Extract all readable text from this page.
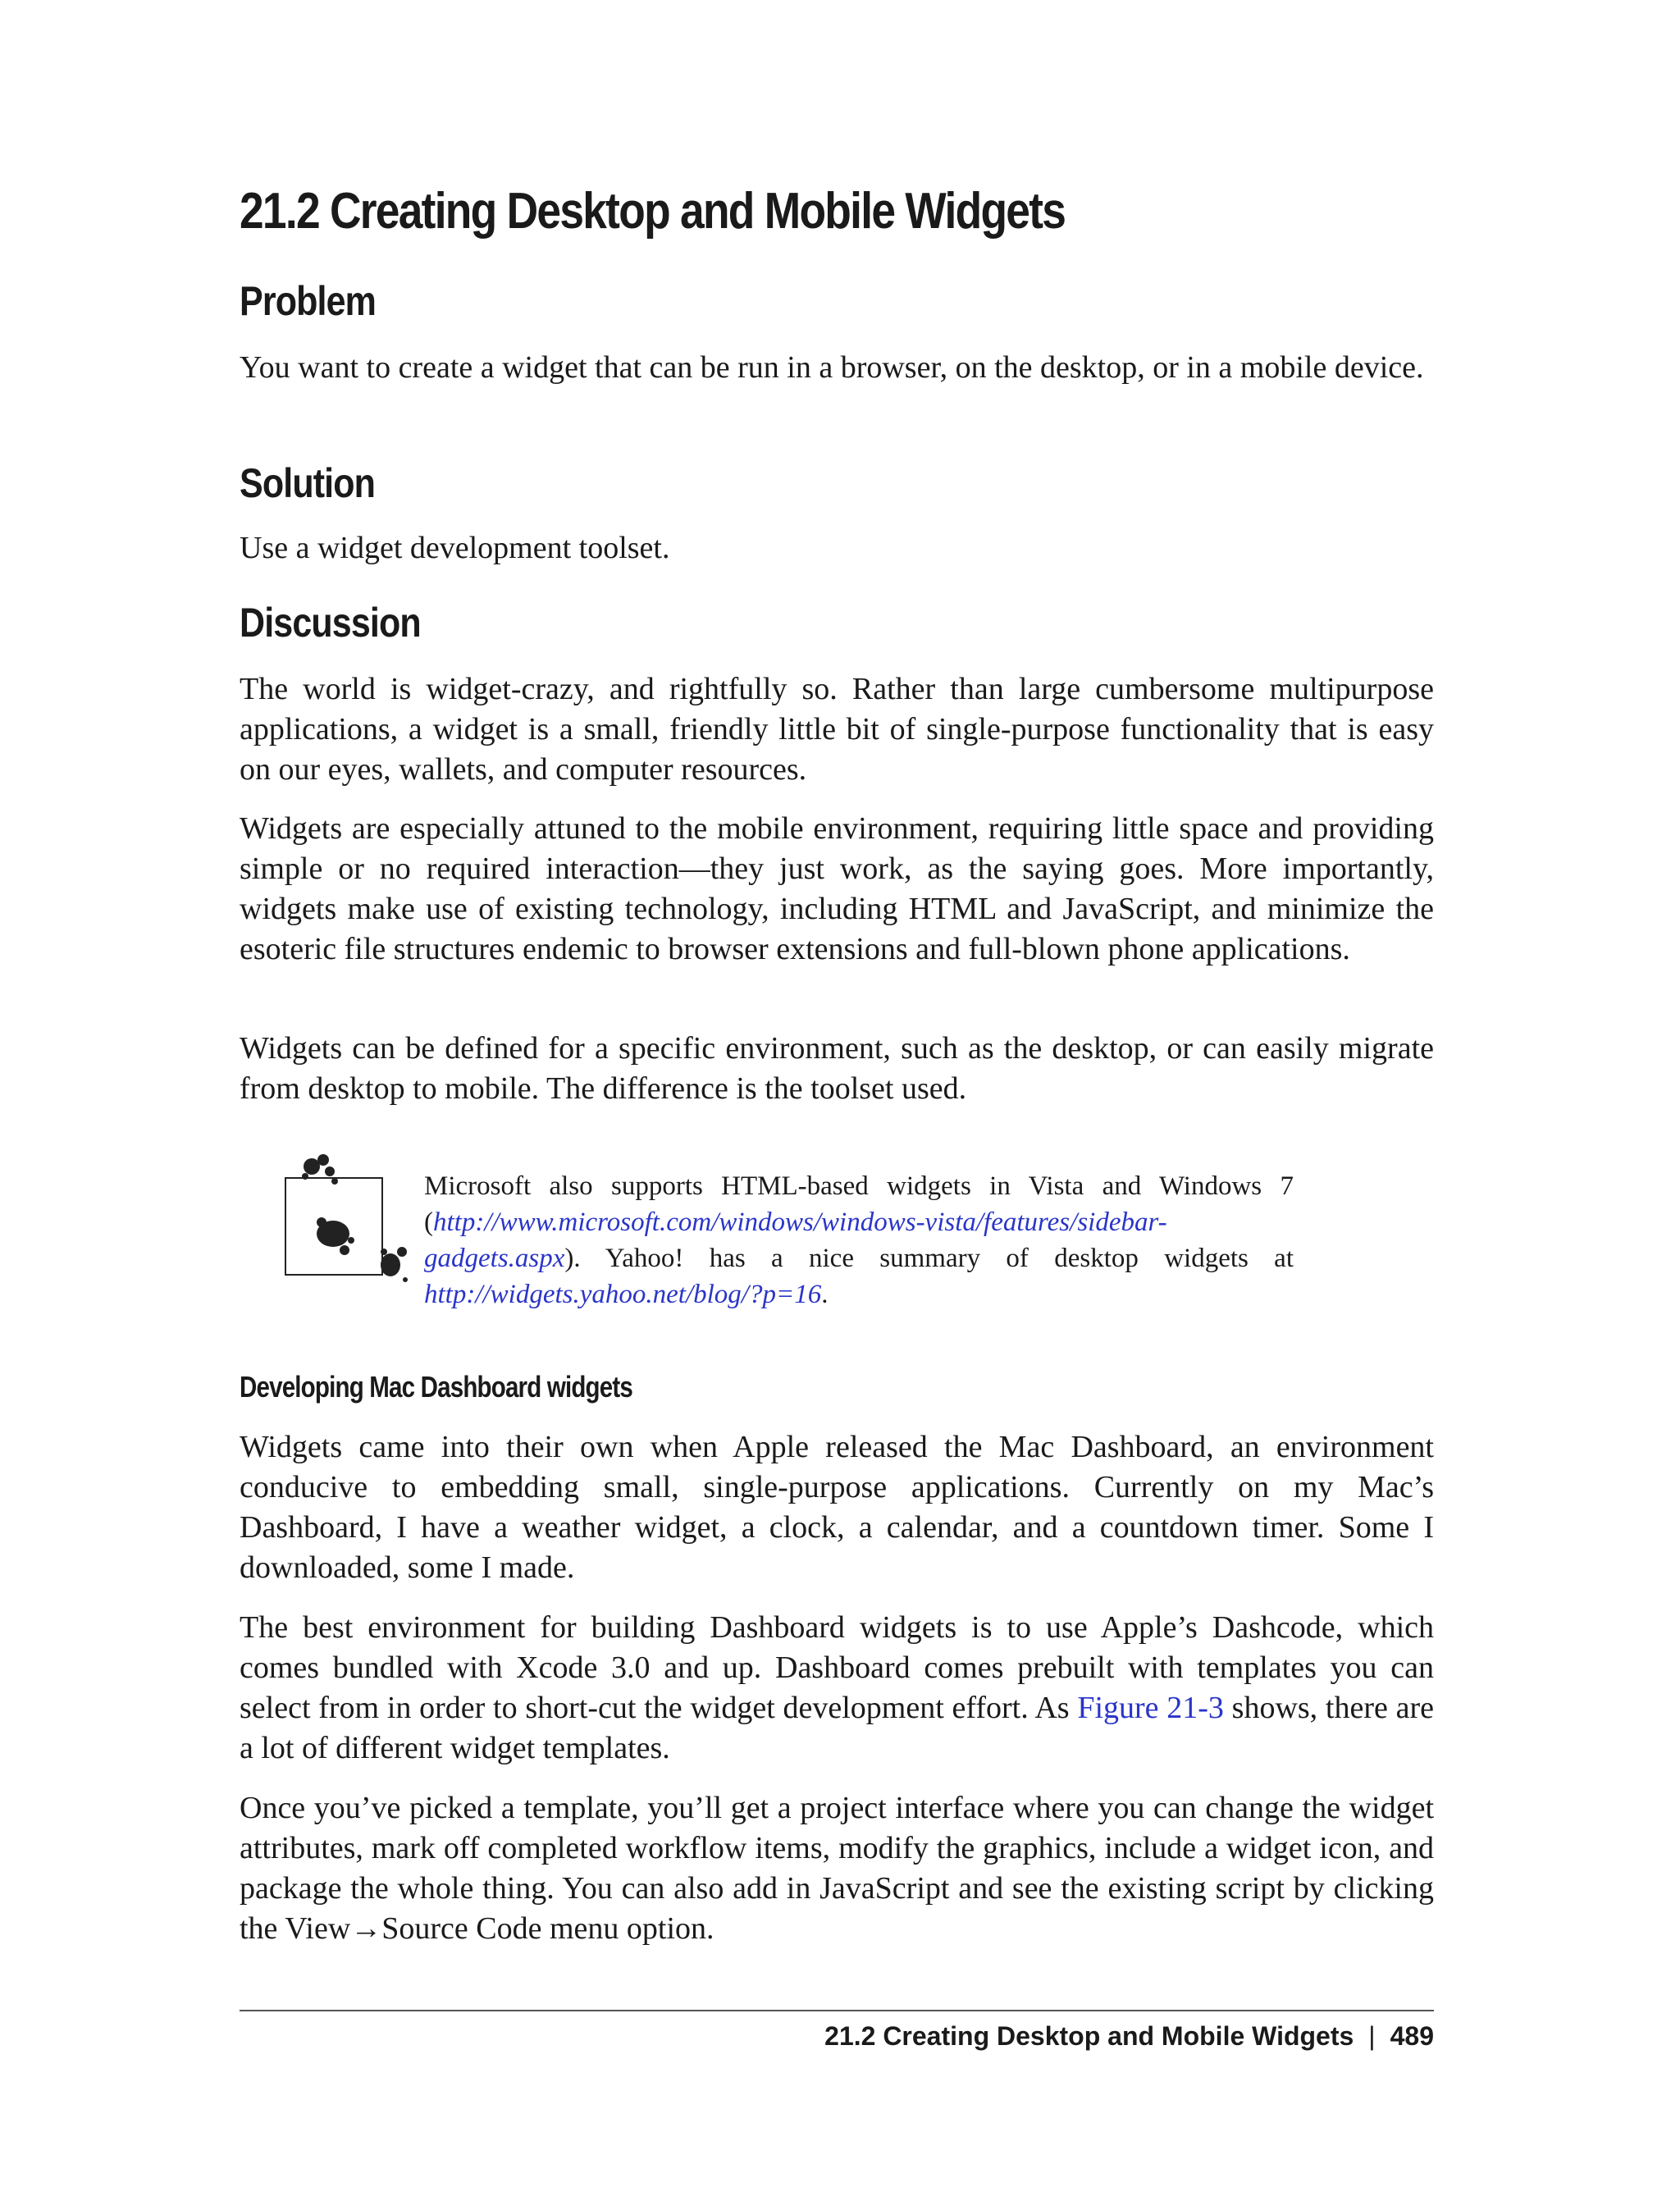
21.2 Creating Desktop and Mobile Widgets
Problem

You want to create a widget that can be run in a browser, on the desktop, or in a mobile device.

Solution

Use a widget development toolset.

Discussion

The world is widget-crazy, and rightfully so. Rather than large cumbersome multipurpose applications, a widget is a small, friendly little bit of single-purpose functionality that is easy on our eyes, wallets, and computer resources.

Widgets are especially attuned to the mobile environment, requiring little space and providing simple or no required interaction—they just work, as the saying goes. More importantly, widgets make use of existing technology, including HTML and JavaScript, and minimize the esoteric file structures endemic to browser extensions and full-blown phone applications.

Widgets can be defined for a specific environment, such as the desktop, or can easily migrate from desktop to mobile. The difference is the toolset used.

Microsoft also supports HTML-based widgets in Vista and Windows 7 (http://www.microsoft.com/windows/windows-vista/features/sidebar-gadgets.aspx). Yahoo! has a nice summary of desktop widgets at http://widgets.yahoo.net/blog/?p=16.

Developing Mac Dashboard widgets

Widgets came into their own when Apple released the Mac Dashboard, an environment conducive to embedding small, single-purpose applications. Currently on my Mac’s Dashboard, I have a weather widget, a clock, a calendar, and a countdown timer. Some I downloaded, some I made.

The best environment for building Dashboard widgets is to use Apple’s Dashcode, which comes bundled with Xcode 3.0 and up. Dashboard comes prebuilt with templates you can select from in order to short-cut the widget development effort. As Figure 21-3 shows, there are a lot of different widget templates.

Once you’ve picked a template, you’ll get a project interface where you can change the widget attributes, mark off completed workflow items, modify the graphics, include a widget icon, and package the whole thing. You can also add in JavaScript and see the existing script by clicking the View→Source Code menu option.

21.2 Creating Desktop and Mobile Widgets | 489
